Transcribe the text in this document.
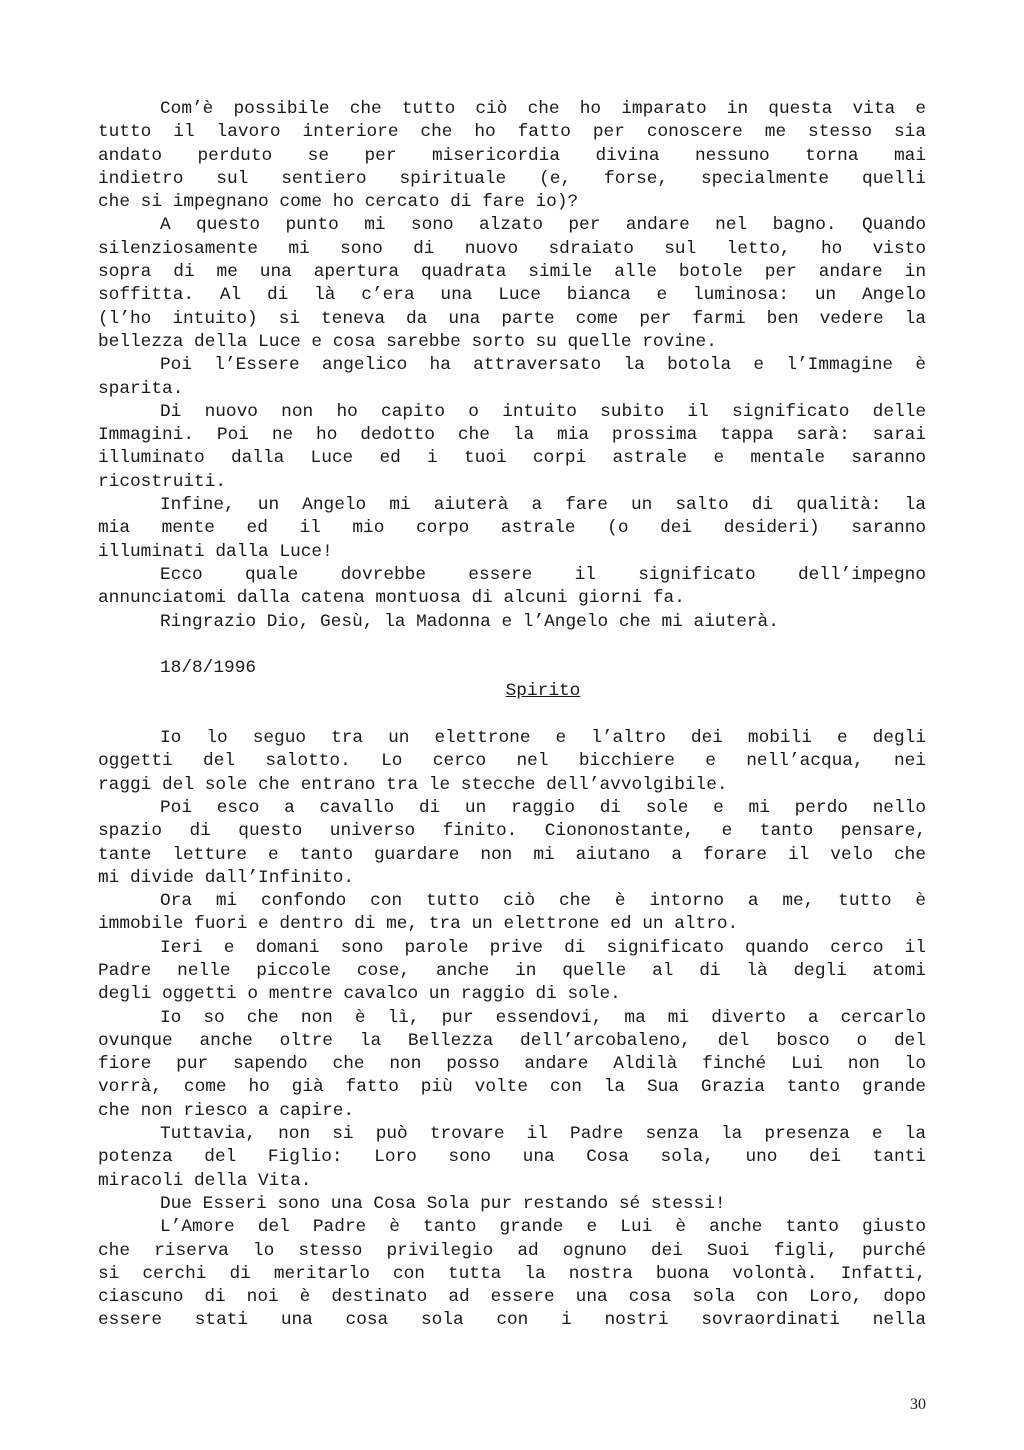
Com’è possibile che tutto ciò che ho imparato in questa vita e
tutto il lavoro interiore che ho fatto per conoscere me stesso sia
andato perduto se per misericordia divina nessuno torna mai
indietro sul sentiero spirituale (e, forse, specialmente quelli
che si impegnano come ho cercato di fare io)?
A questo punto mi sono alzato per andare nel bagno. Quando
silenziosamente mi sono di nuovo sdraiato sul letto, ho visto
sopra di me una apertura quadrata simile alle botole per andare in
soffitta. Al di là c’era una Luce bianca e luminosa: un Angelo
(l’ho intuito) si teneva da una parte come per farmi ben vedere la
bellezza della Luce e cosa sarebbe sorto su quelle rovine.
Poi l’Essere angelico ha attraversato la botola e l’Immagine è
sparita.
Di nuovo non ho capito o intuito subito il significato delle
Immagini. Poi ne ho dedotto che la mia prossima tappa sarà: sarai
illuminato dalla Luce ed i tuoi corpi astrale e mentale saranno
ricostruiti.
Infine, un Angelo mi aiuterà a fare un salto di qualità: la
mia mente ed il mio corpo astrale (o dei desideri) saranno
illuminati dalla Luce!
Ecco quale dovrebbe essere il significato dell’impegno
annunciatomi dalla catena montuosa di alcuni giorni fa.
Ringrazio Dio, Gesù, la Madonna e l’Angelo che mi aiuterà.
18/8/1996
Spirito
Io lo seguo tra un elettrone e l’altro dei mobili e degli
oggetti del salotto. Lo cerco nel bicchiere e nell’acqua, nei
raggi del sole che entrano tra le stecche dell’avvolgibile.
Poi esco a cavallo di un raggio di sole e mi perdo nello
spazio di questo universo finito. Ciononostante, e tanto pensare,
tante letture e tanto guardare non mi aiutano a forare il velo che
mi divide dall’Infinito.
Ora mi confondo con tutto ciò che è intorno a me, tutto è
immobile fuori e dentro di me, tra un elettrone ed un altro.
Ieri e domani sono parole prive di significato quando cerco il
Padre nelle piccole cose, anche in quelle al di là degli atomi
degli oggetti o mentre cavalco un raggio di sole.
Io so che non è lì, pur essendovi, ma mi diverto a cercarlo
ovunque anche oltre la Bellezza dell’arcobaleno, del bosco o del
fiore pur sapendo che non posso andare Aldilà finché Lui non lo
vorrà, come ho già fatto più volte con la Sua Grazia tanto grande
che non riesco a capire.
Tuttavia, non si può trovare il Padre senza la presenza e la
potenza del Figlio: Loro sono una Cosa sola, uno dei tanti
miracoli della Vita.
Due Esseri sono una Cosa Sola pur restando sé stessi!
L’Amore del Padre è tanto grande e Lui è anche tanto giusto
che riserva lo stesso privilegio ad ognuno dei Suoi figli, purché
si cerchi di meritarlo con tutta la nostra buona volontà. Infatti,
ciascuno di noi è destinato ad essere una cosa sola con Loro, dopo
essere stati una cosa sola con i nostri sovraordinati nella
30
